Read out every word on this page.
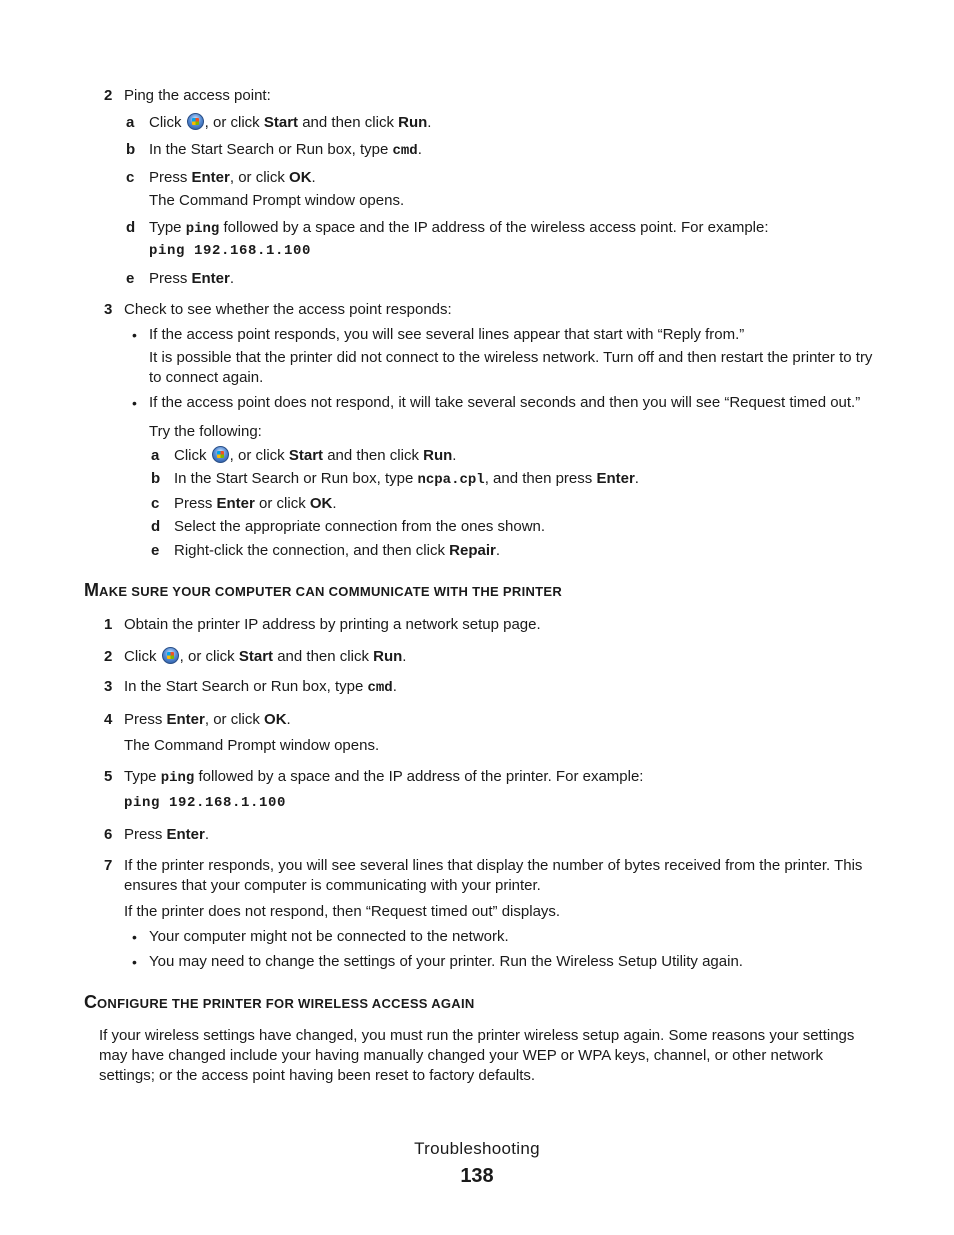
2 Ping the access point:
a Click , or click Start and then click Run.
b In the Start Search or Run box, type cmd.
c Press Enter, or click OK.
The Command Prompt window opens.
d Type ping followed by a space and the IP address of the wireless access point. For example:
ping 192.168.1.100
e Press Enter.
3 Check to see whether the access point responds:
• If the access point responds, you will see several lines appear that start with “Reply from.”
It is possible that the printer did not connect to the wireless network. Turn off and then restart the printer to try to connect again.
• If the access point does not respond, it will take several seconds and then you will see “Request timed out.”
Try the following:
a Click , or click Start and then click Run.
b In the Start Search or Run box, type ncpa.cpl, and then press Enter.
c Press Enter or click OK.
d Select the appropriate connection from the ones shown.
e Right-click the connection, and then click Repair.
MAKE SURE YOUR COMPUTER CAN COMMUNICATE WITH THE PRINTER
1 Obtain the printer IP address by printing a network setup page.
2 Click , or click Start and then click Run.
3 In the Start Search or Run box, type cmd.
4 Press Enter, or click OK.
The Command Prompt window opens.
5 Type ping followed by a space and the IP address of the printer. For example:
ping 192.168.1.100
6 Press Enter.
7 If the printer responds, you will see several lines that display the number of bytes received from the printer. This ensures that your computer is communicating with your printer.
If the printer does not respond, then “Request timed out” displays.
• Your computer might not be connected to the network.
• You may need to change the settings of your printer. Run the Wireless Setup Utility again.
CONFIGURE THE PRINTER FOR WIRELESS ACCESS AGAIN
If your wireless settings have changed, you must run the printer wireless setup again. Some reasons your settings may have changed include your having manually changed your WEP or WPA keys, channel, or other network settings; or the access point having been reset to factory defaults.
Troubleshooting
138
